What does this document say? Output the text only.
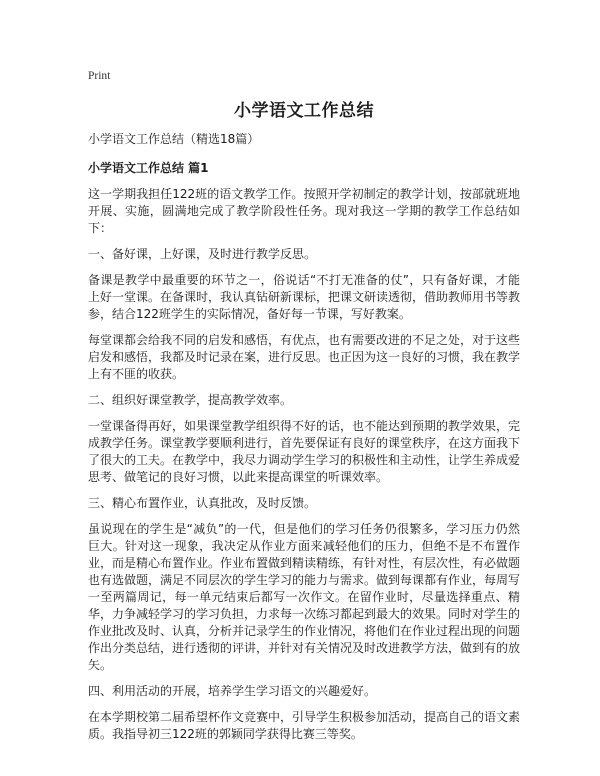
Print
小学语文工作总结

小学语文工作总结（精选18篇）

小学语文工作总结 篇1

这一学期我担任122班的语文教学工作。按照开学初制定的教学计划，按部就班地开展、实施，圆满地完成了教学阶段性任务。现对我这一学期的教学工作总结如下：

一、备好课，上好课，及时进行教学反思。

备课是教学中最重要的环节之一，俗说话“不打无准备的仗”，只有备好课，才能上好一堂课。在备课时，我认真钻研新课标，把课文研读透彻，借助教师用书等教参，结合122班学生的实际情况，备好每一节课，写好教案。

每堂课都会给我不同的启发和感悟，有优点，也有需要改进的不足之处，对于这些启发和感悟，我都及时记录在案，进行反思。也正因为这一良好的习惯，我在教学上有不匪的收获。

二、组织好课堂教学，提高教学效率。

一堂课备得再好，如果课堂教学组织得不好的话，也不能达到预期的教学效果，完成教学任务。课堂教学要顺利进行，首先要保证有良好的课堂秩序，在这方面我下了很大的工夫。在教学中，我尽力调动学生学习的积极性和主动性，让学生养成爱思考、做笔记的良好习惯，以此来提高课堂的听课效率。

三、精心布置作业，认真批改，及时反馈。

虽说现在的学生是“减负”的一代，但是他们的学习任务仍很繁多，学习压力仍然巨大。针对这一现象，我决定从作业方面来减轻他们的压力，但绝不是不布置作业，而是精心布置作业。作业布置做到精读精练，有针对性，有层次性，有必做题也有选做题，满足不同层次的学生学习的能力与需求。做到每课都有作业，每周写一至两篇周记，每一单元结束后都写一次作文。在留作业时，尽量选择重点、精华，力争减轻学习的学习负担，力求每一次练习都起到最大的效果。同时对学生的作业批改及时、认真，分析并记录学生的作业情况，将他们在作业过程出现的问题作出分类总结，进行透彻的评讲，并针对有关情况及时改进教学方法，做到有的放矢。

四、利用活动的开展，培养学生学习语文的兴趣爱好。

在本学期校第二届希望杯作文竞赛中，引导学生积极参加活动，提高自己的语文素质。我指导初三122班的郭颖同学获得比赛三等奖。
